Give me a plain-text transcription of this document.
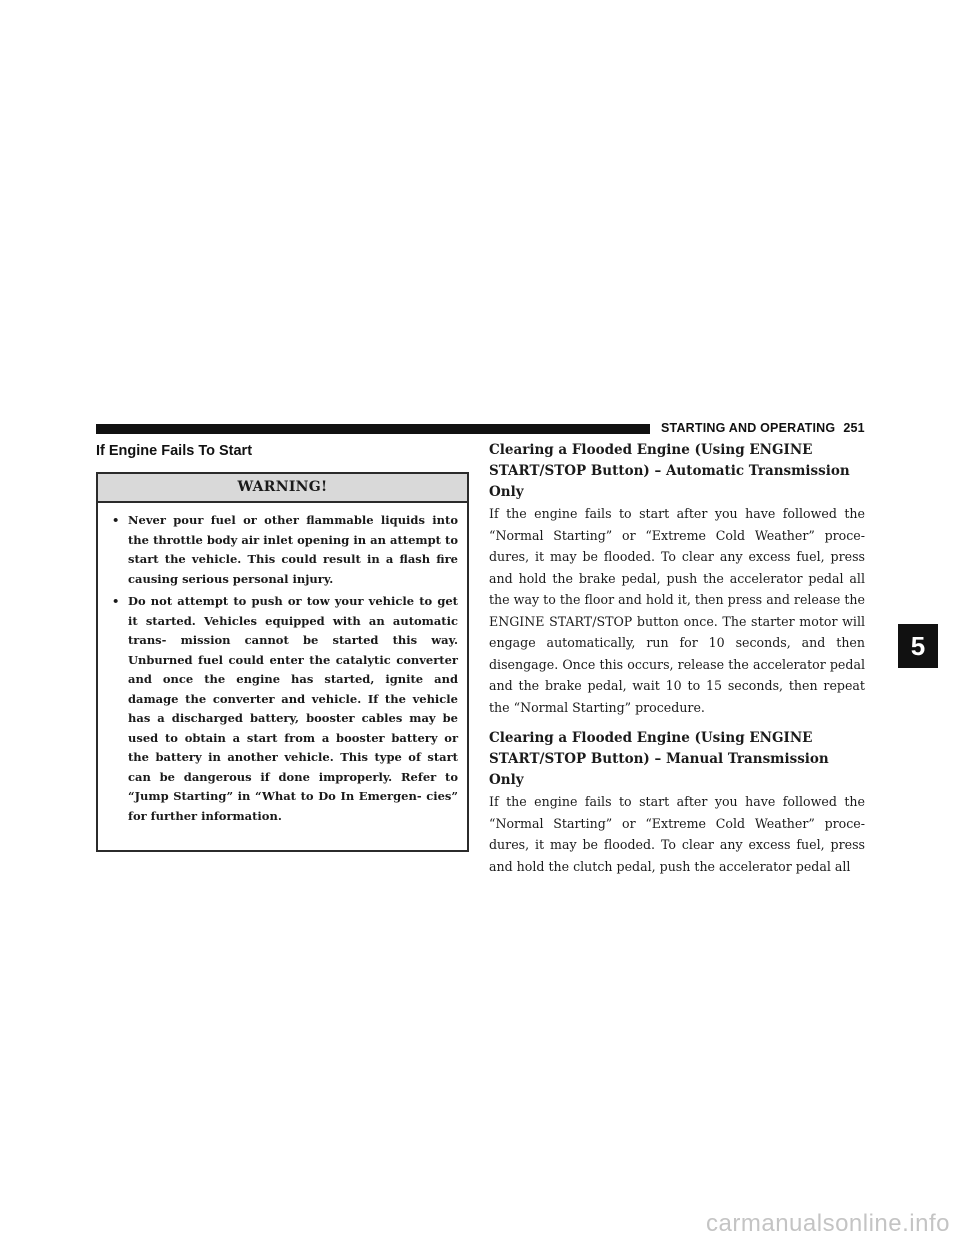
STARTING AND OPERATING 251
If Engine Fails To Start
WARNING!
• Never pour fuel or other flammable liquids into the throttle body air inlet opening in an attempt to start the vehicle. This could result in a flash fire causing serious personal injury.
• Do not attempt to push or tow your vehicle to get it started. Vehicles equipped with an automatic trans- mission cannot be started this way. Unburned fuel could enter the catalytic converter and once the engine has started, ignite and damage the converter and vehicle. If the vehicle has a discharged battery, booster cables may be used to obtain a start from a booster battery or the battery in another vehicle. This type of start can be dangerous if done improperly. Refer to “Jump Starting” in “What to Do In Emergen- cies” for further information.
Clearing a Flooded Engine (Using ENGINE START/STOP Button) – Automatic Transmission Only

If the engine fails to start after you have followed the “Normal Starting” or “Extreme Cold Weather” proce- dures, it may be flooded. To clear any excess fuel, press and hold the brake pedal, push the accelerator pedal all the way to the floor and hold it, then press and release the ENGINE START/STOP button once. The starter motor will engage automatically, run for 10 seconds, and then disengage. Once this occurs, release the accelerator pedal and the brake pedal, wait 10 to 15 seconds, then repeat the “Normal Starting” procedure.

Clearing a Flooded Engine (Using ENGINE START/STOP Button) – Manual Transmission Only

If the engine fails to start after you have followed the “Normal Starting” or “Extreme Cold Weather” proce- dures, it may be flooded. To clear any excess fuel, press and hold the clutch pedal, push the accelerator pedal all

5
carmanualsonline.info
